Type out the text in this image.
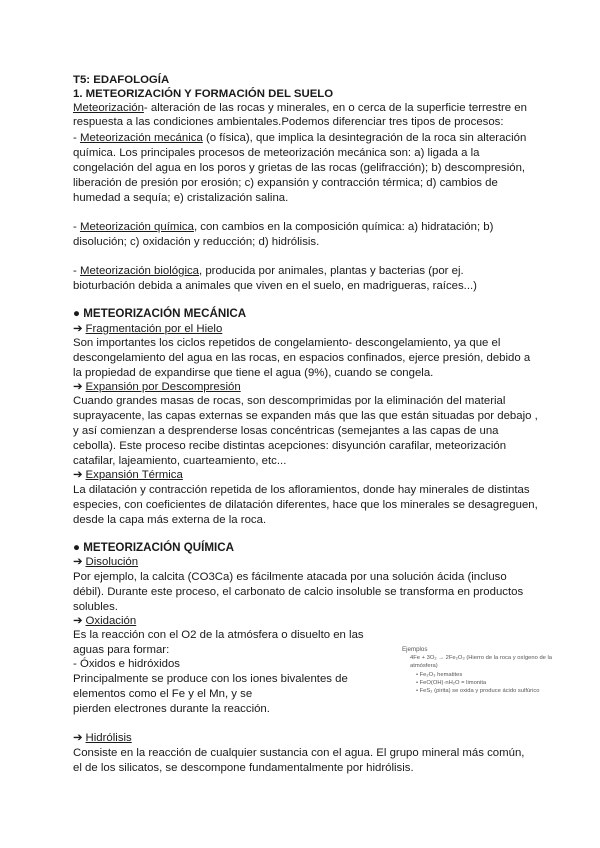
T5: EDAFOLOGÍA
1. METEORIZACIÓN Y FORMACIÓN DEL SUELO
Meteorización- alteración de las rocas y minerales, en o cerca de la superficie terrestre en
respuesta a las condiciones ambientales.Podemos diferenciar tres tipos de procesos:
- Meteorización mecánica (o física), que implica la desintegración de la roca sin alteración
química. Los principales procesos de meteorización mecánica son: a) ligada a la
congelación del agua en los poros y grietas de las rocas (gelifracción); b) descompresión,
liberación de presión por erosión; c) expansión y contracción térmica; d) cambios de
humedad a sequía; e) cristalización salina.
- Meteorización química, con cambios en la composición química: a) hidratación; b)
disolución; c) oxidación y reducción; d) hidrólisis.
- Meteorización biológica, producida por animales, plantas y bacterias (por ej.
bioturbación debida a animales que viven en el suelo, en madrigueras, raíces...)
● METEORIZACIÓN MECÁNICA
➔ Fragmentación por el Hielo
Son importantes los ciclos repetidos de congelamiento- descongelamiento, ya que el
descongelamiento del agua en las rocas, en espacios confinados, ejerce presión, debido a
la propiedad de expandirse que tiene el agua (9%), cuando se congela.
➔ Expansión por Descompresión
Cuando grandes masas de rocas, son descomprimidas por la eliminación del material
suprayacente, las capas externas se expanden más que las que están situadas por debajo ,
y así comienzan a desprenderse losas concéntricas (semejantes a las capas de una
cebolla). Este proceso recibe distintas acepciones: disyunción carafilar, meteorización
catafilar, lajeamiento, cuarteamiento, etc...
➔ Expansión Térmica
La dilatación y contracción repetida de los afloramientos, donde hay minerales de distintas
especies, con coeficientes de dilatación diferentes, hace que los minerales se desagreguen,
desde la capa más externa de la roca.
● METEORIZACIÓN QUÍMICA
➔ Disolución
Por ejemplo, la calcita (CO3Ca) es fácilmente atacada por una solución ácida (incluso
débil). Durante este proceso, el carbonato de calcio insoluble se transforma en productos
solubles.
➔ Oxidación
Es la reacción con el O2 de la atmósfera o disuelto en las
aguas para formar:
- Óxidos e hidróxidos
Principalmente se produce con los iones bivalentes de
elementos como el Fe y el Mn, y se
pierden electrones durante la reacción.
Ejemplos
4Fe + 3O₂ → 2Fe₂O₃ (Hierro de la roca y oxígeno de la
atmósfera)
• Fe₂O₃ hematites
• FeO(OH)·nH₂O = limonita
• FeS₂ (pirita) se oxida y produce ácido sulfúrico
➔ Hidrólisis
Consiste en la reacción de cualquier sustancia con el agua. El grupo mineral más común,
el de los silicatos, se descompone fundamentalmente por hidrólisis.
